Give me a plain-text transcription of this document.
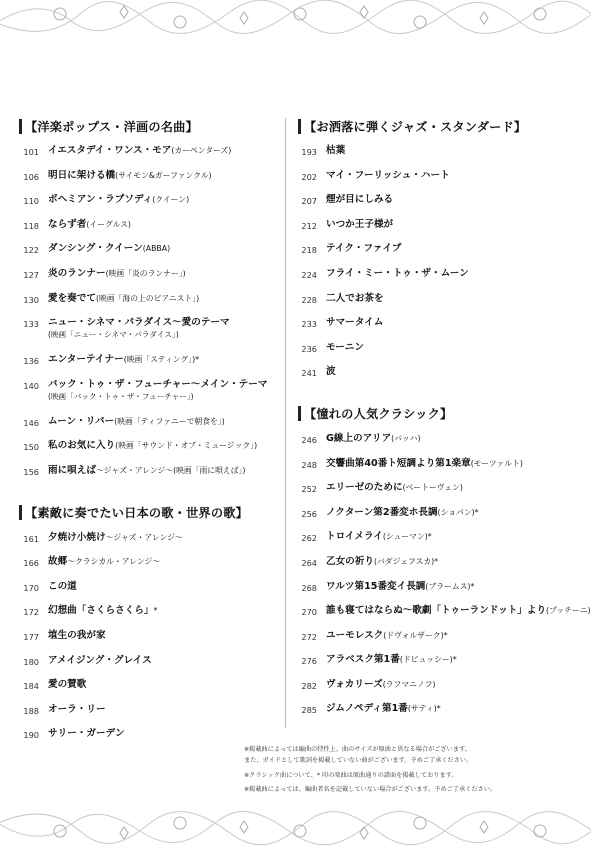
【洋楽ポップス・洋画の名曲】
101 イエスタデイ・ワンス・モア(カーペンターズ)
106 明日に架ける橋(サイモン&ガーファンクル)
110 ボヘミアン・ラプソディ(クイーン)
118 ならず者(イーグルス)
122 ダンシング・クイーン(ABBA)
127 炎のランナー(映画「炎のランナー」)
130 愛を奏でて(映画「海の上のピアニスト」)
133 ニュー・シネマ・パラダイス〜愛のテーマ
(映画「ニュー・シネマ・パラダイス」)
136 エンターテイナー(映画「スティング」)*
140 バック・トゥ・ザ・フューチャー〜メイン・テーマ
(映画「バック・トゥ・ザ・フューチャー」)
146 ムーン・リバー(映画「ティファニーで朝食を」)
150 私のお気に入り(映画「サウンド・オブ・ミュージック」)
156 雨に唄えば〜ジャズ・アレンジ〜(映画「雨に唄えば」)
【素敵に奏でたい日本の歌・世界の歌】
161 夕焼け小焼け〜ジャズ・アレンジ〜
166 故郷〜クラシカル・アレンジ〜
170 この道
172 幻想曲「さくらさくら」*
177 埴生の我が家
180 アメイジング・グレイス
184 愛の賛歌
188 オーラ・リー
190 サリー・ガーデン
【お洒落に弾くジャズ・スタンダード】
193 枯葉
202 マイ・フーリッシュ・ハート
207 煙が目にしみる
212 いつか王子様が
218 テイク・ファイブ
224 フライ・ミー・トゥ・ザ・ムーン
228 二人でお茶を
233 サマータイム
236 モーニン
241 波
【憧れの人気クラシック】
246 G線上のアリア(バッハ)
248 交響曲第40番ト短調より第1楽章(モーツァルト)
252 エリーゼのために(ベートーヴェン)
256 ノクターン第2番変ホ長調(ショパン)*
262 トロイメライ(シューマン)*
264 乙女の祈り(バダジェフスカ)*
268 ワルツ第15番変イ長調(ブラームス)*
270 誰も寝てはならぬ〜歌劇「トゥーランドット」より(プッチーニ)
272 ユーモレスク(ドヴォルザーク)*
276 アラベスク第1番(ドビュッシー)*
282 ヴォカリーズ(ラフマニノフ)
285 ジムノペディ第1番(サティ)*
※掲載曲によっては編曲の特性上、曲のサイズが原曲と異なる場合がございます。
また、ガイドとして歌詞を掲載していない曲がございます。予めご了承ください。
※クラシック曲について、* 印の楽曲は原曲通りの譜面を掲載しております。
※掲載曲によっては、編曲者名を記載していない場合がございます。予めご了承ください。
